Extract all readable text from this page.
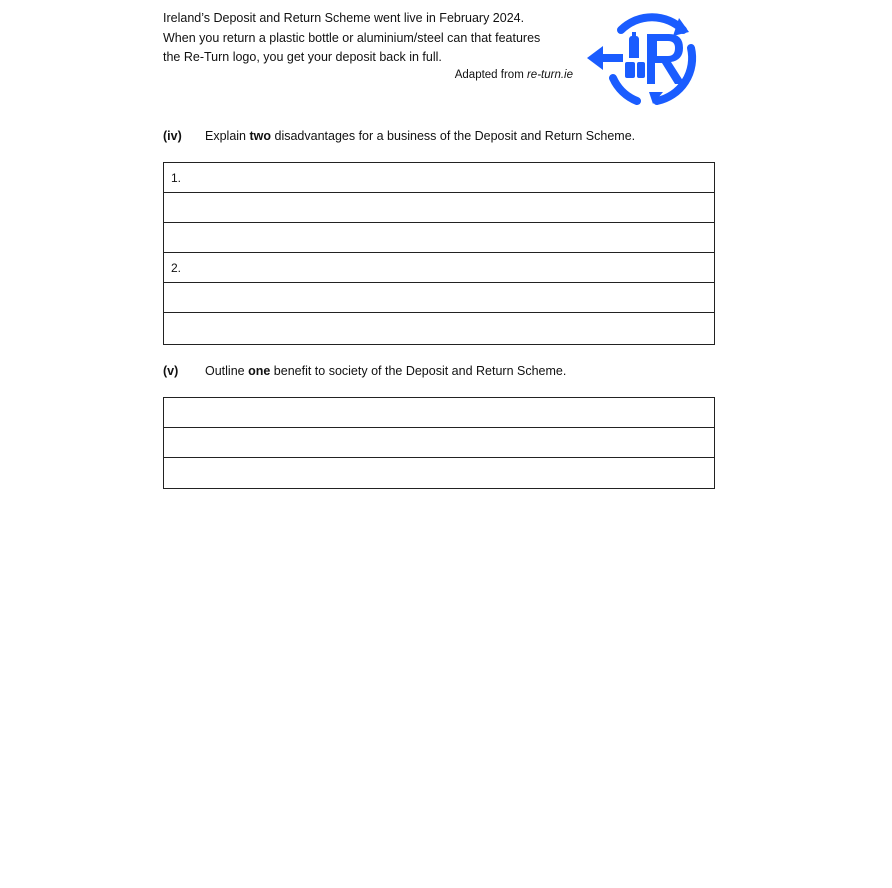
Ireland’s Deposit and Return Scheme went live in February 2024.

When you return a plastic bottle or aluminium/steel can that features

the Re-Turn logo, you get your deposit back in full.

Adapted from re-turn.ie
(iv) Explain two disadvantages for a business of the Deposit and Return Scheme.
1.
2.
(v) Outline one benefit to society of the Deposit and Return Scheme.
